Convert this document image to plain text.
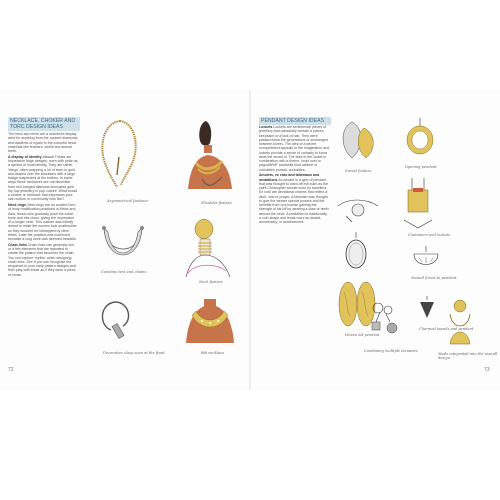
NECKLACE, CHOKER AND TORC DESIGN IDEAS

The neck and chest are a wonderful display area for anything from the opulent diamonds and diadems of royals to the colourful bead materials like feathers, shells and animal teeth.

A display of identity Massai Tribals are impressive large designs, worn with pride as a symbol of local identity. They are rather 'things' often wrapping a lot of even in gold and draped over the shoulders with a large badge suspended at the bottom. In some ways these necklaces are not dissimilar from rich-hanged diamond-encrusted gold hip hop jewellery in pop culture. What would a choker or necklace that expresses your own culture or community look like?

Neck rings Neck rings are an ancient form of body modification practised in Africa and Asia; these coils gradually push the collar bone and ribs down, giving the impression of a longer neck. This custom was initially meant to make the women look unattractive so they wouldn't be kidnapped by other tribes. Later the practice was continued because a long neck was deemed beautiful.

Chain links Chain links can generally one or a few elements that are repeated to create the pattern that becomes the chain. You can explore 'mythic' when designing chain links. See if you can recognise the sequence in your early pattern designs and then play with these as if they were a piece of music.

Asymmetrical fastener	Shoulder feature
Combine text and chains
Neck feature
Decorative clasp seen at the front	Bib necklace
72
PENDANT DESIGN IDEAS

Lockets Lockets are sentimental pieces of jewellery that classically contain a picture, keepsake or a lock of hair. They were passed down the generations or exchanged between lovers. The idea of a secret compartment appeals to the imagination and lockets provide a sense of curiosity to know what the secret is. The idea of the locket in combination with a theme, head over to pagodWWF worldwild kind cabinet of curiosities portrait, curiosities.

Amulets, ex voto and talismans and medallions An amulet is a type of pendant that was thought to ward off evil such as the saint Christopher amulet worn by travellers. Ex voto are devotional charms that reflect a wish, vow or prayer. A talisman was thought to give the wearer special powers and the benefits from of a human gaining the strength of his kill by wearing a claw or teeth around the neck. A medallion is traditionally a coin shape and lends more an award, anniversary, or achievement.

Swivel feature
Opening pendant
Containers and lockets
Nested forms to pendant
Woven Alt pendant
Combining multiple elements
Made integrated into the overall design
Charmed tassels and pendant
73
